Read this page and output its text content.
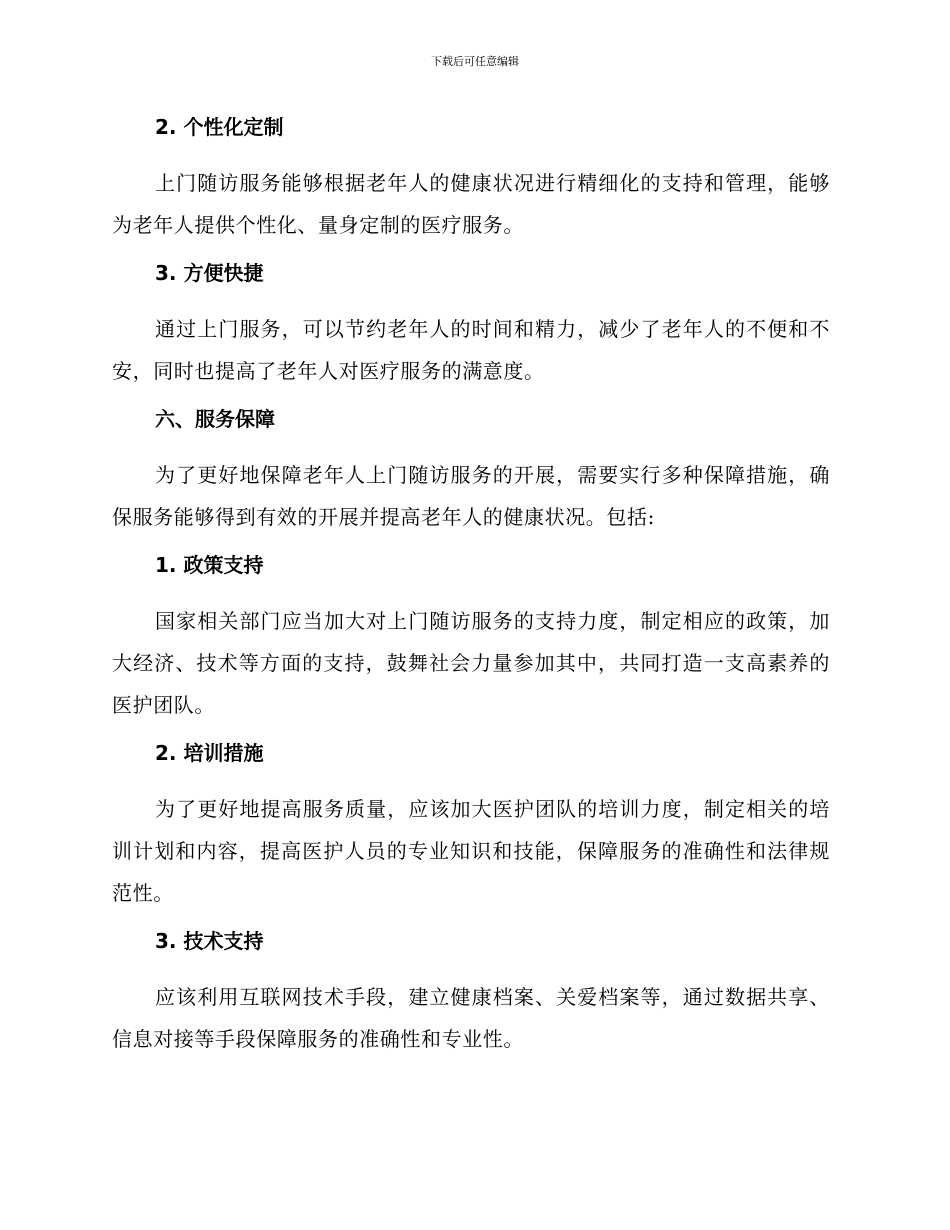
下载后可任意编辑
2. 个性化定制

上门随访服务能够根据老年人的健康状况进行精细化的支持和管理，能够为老年人提供个性化、量身定制的医疗服务。

3. 方便快捷

通过上门服务，可以节约老年人的时间和精力，减少了老年人的不便和不安，同时也提高了老年人对医疗服务的满意度。

六、服务保障

为了更好地保障老年人上门随访服务的开展，需要实行多种保障措施，确保服务能够得到有效的开展并提高老年人的健康状况。包括:

1. 政策支持

国家相关部门应当加大对上门随访服务的支持力度，制定相应的政策，加大经济、技术等方面的支持，鼓舞社会力量参加其中，共同打造一支高素养的医护团队。

2. 培训措施

为了更好地提高服务质量，应该加大医护团队的培训力度，制定相关的培训计划和内容，提高医护人员的专业知识和技能，保障服务的准确性和法律规范性。

3. 技术支持

应该利用互联网技术手段，建立健康档案、关爱档案等，通过数据共享、信息对接等手段保障服务的准确性和专业性。
